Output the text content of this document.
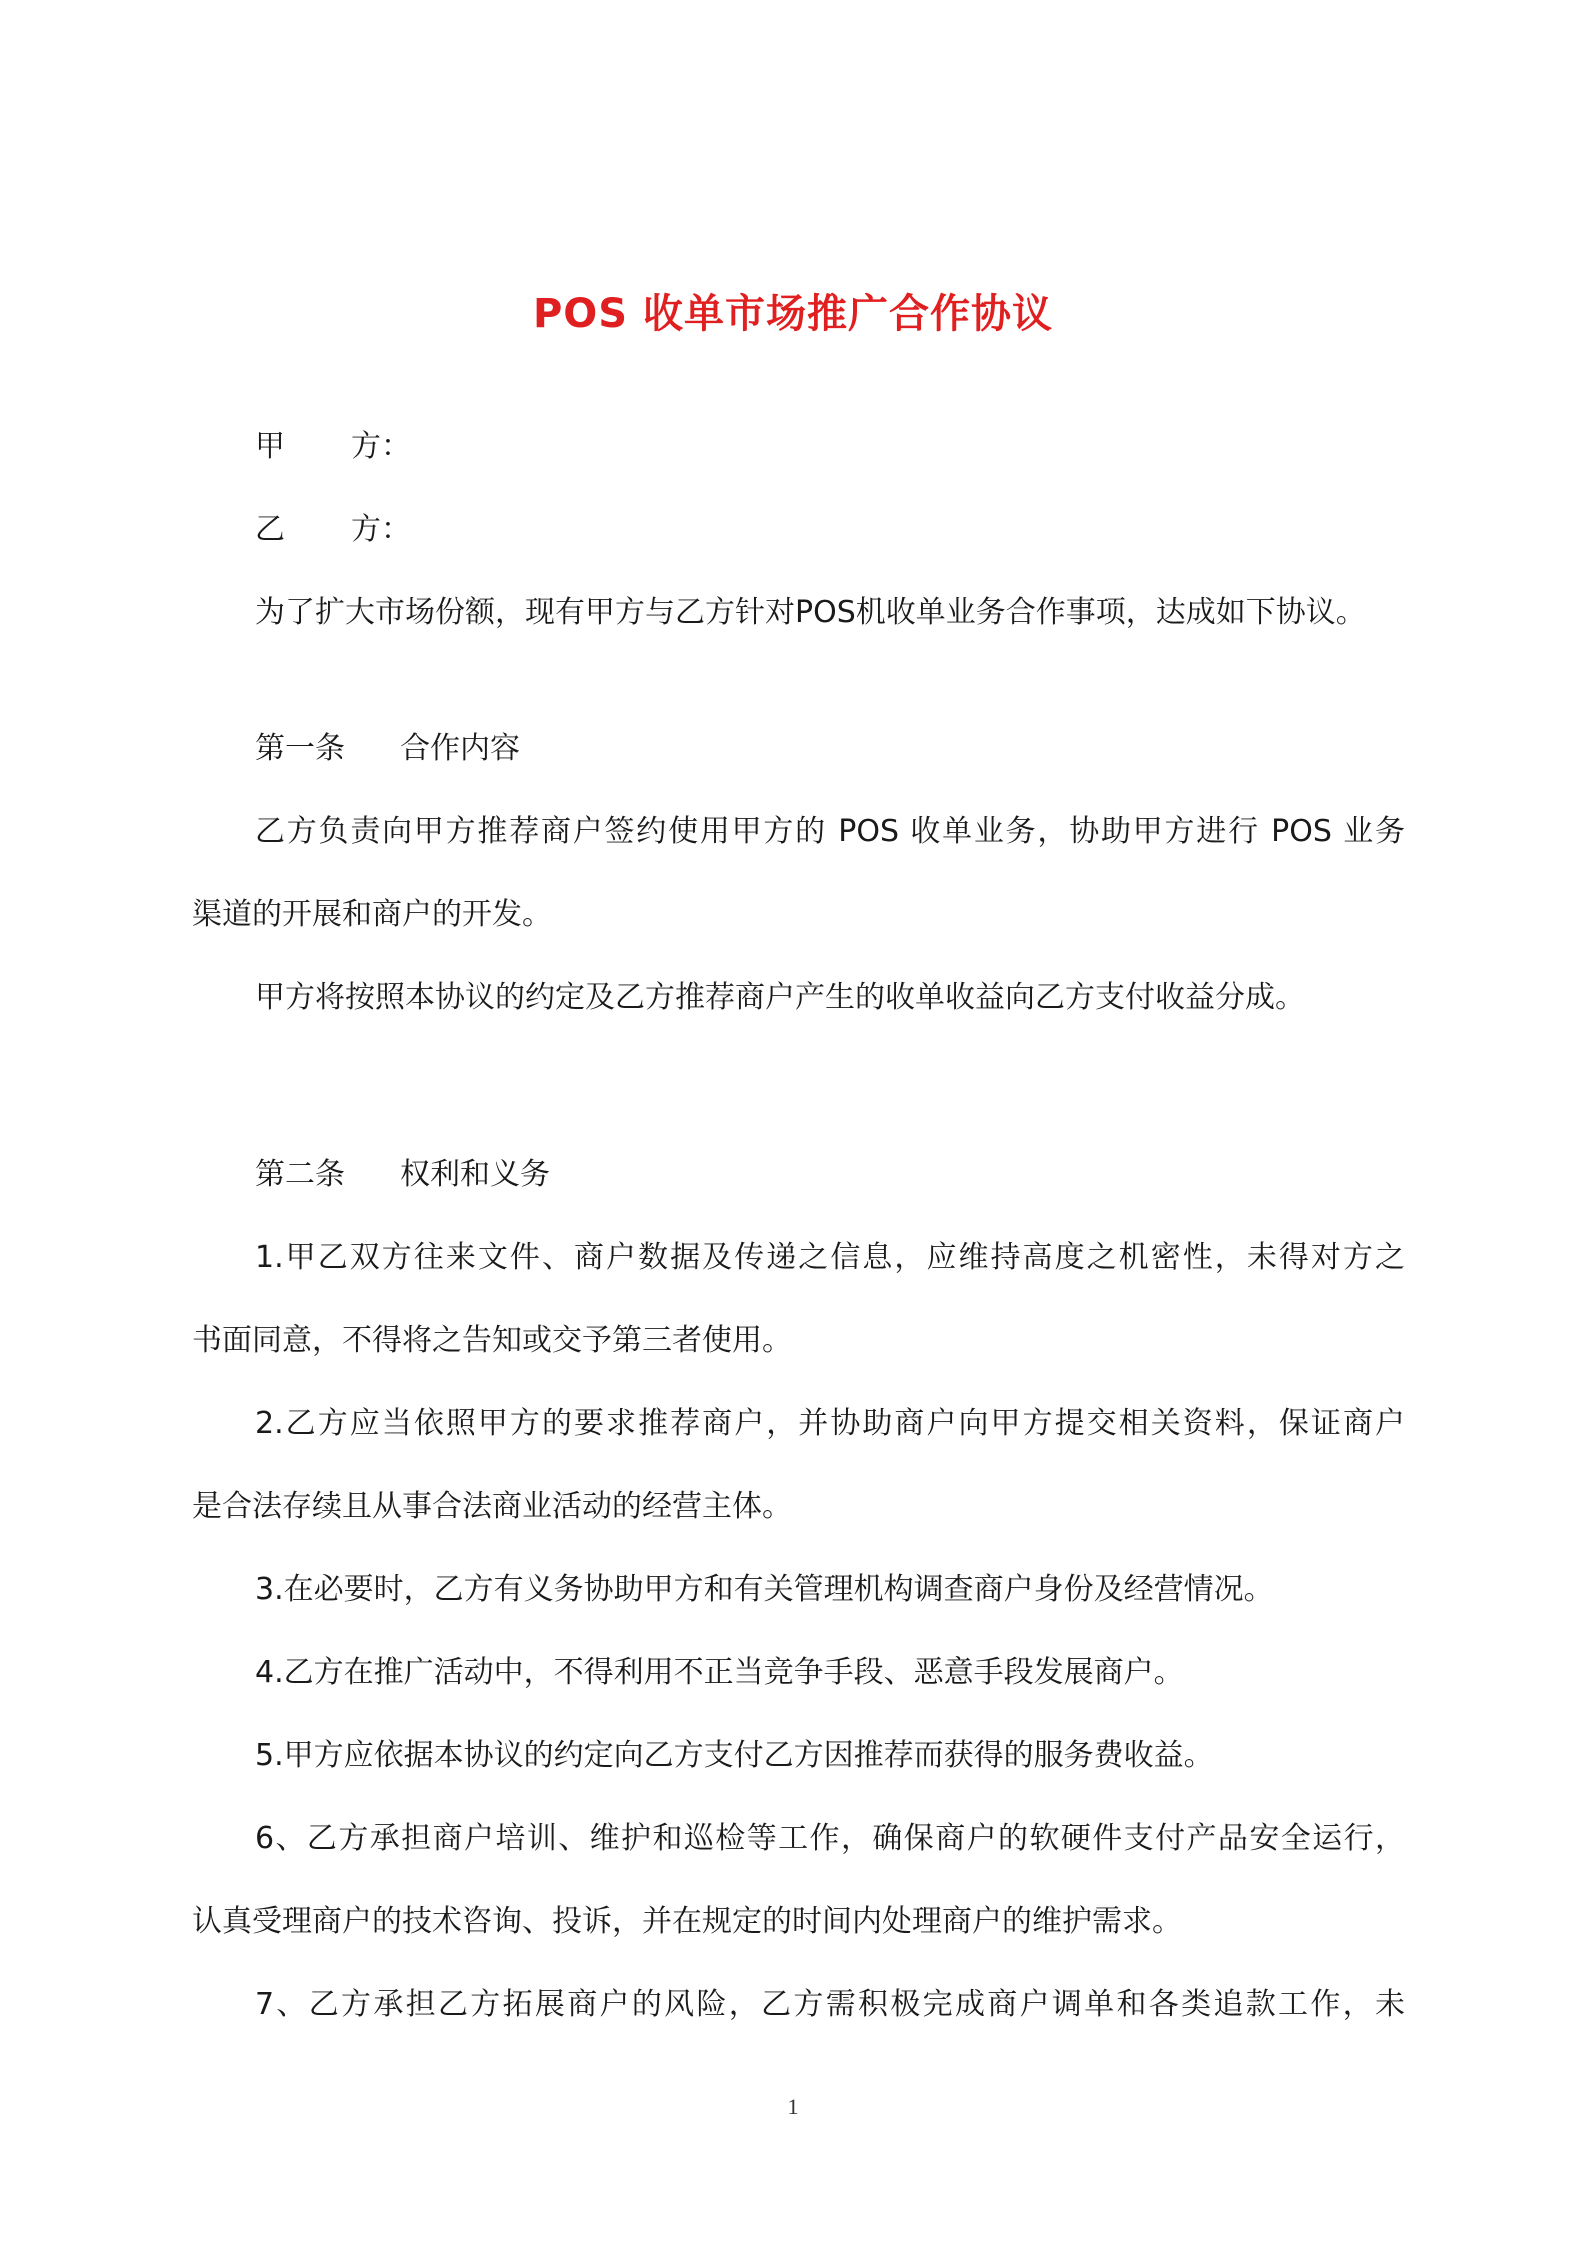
POS 收单市场推广合作协议
甲 方：
乙 方：
为了扩大市场份额，现有甲方与乙方针对POS机收单业务合作事项，达成如下协议。
第一条 合作内容
乙方负责向甲方推荐商户签约使用甲方的 POS 收单业务，协助甲方进行 POS 业务
渠道的开展和商户的开发。
甲方将按照本协议的约定及乙方推荐商户产生的收单收益向乙方支付收益分成。
第二条 权利和义务
1.甲乙双方往来文件、商户数据及传递之信息，应维持高度之机密性，未得对方之
书面同意，不得将之告知或交予第三者使用。
2.乙方应当依照甲方的要求推荐商户，并协助商户向甲方提交相关资料，保证商户
是合法存续且从事合法商业活动的经营主体。
3.在必要时，乙方有义务协助甲方和有关管理机构调查商户身份及经营情况。
4.乙方在推广活动中，不得利用不正当竞争手段、恶意手段发展商户。
5.甲方应依据本协议的约定向乙方支付乙方因推荐而获得的服务费收益。
6、乙方承担商户培训、维护和巡检等工作，确保商户的软硬件支付产品安全运行，
认真受理商户的技术咨询、投诉，并在规定的时间内处理商户的维护需求。
7、乙方承担乙方拓展商户的风险，乙方需积极完成商户调单和各类追款工作，未
1
